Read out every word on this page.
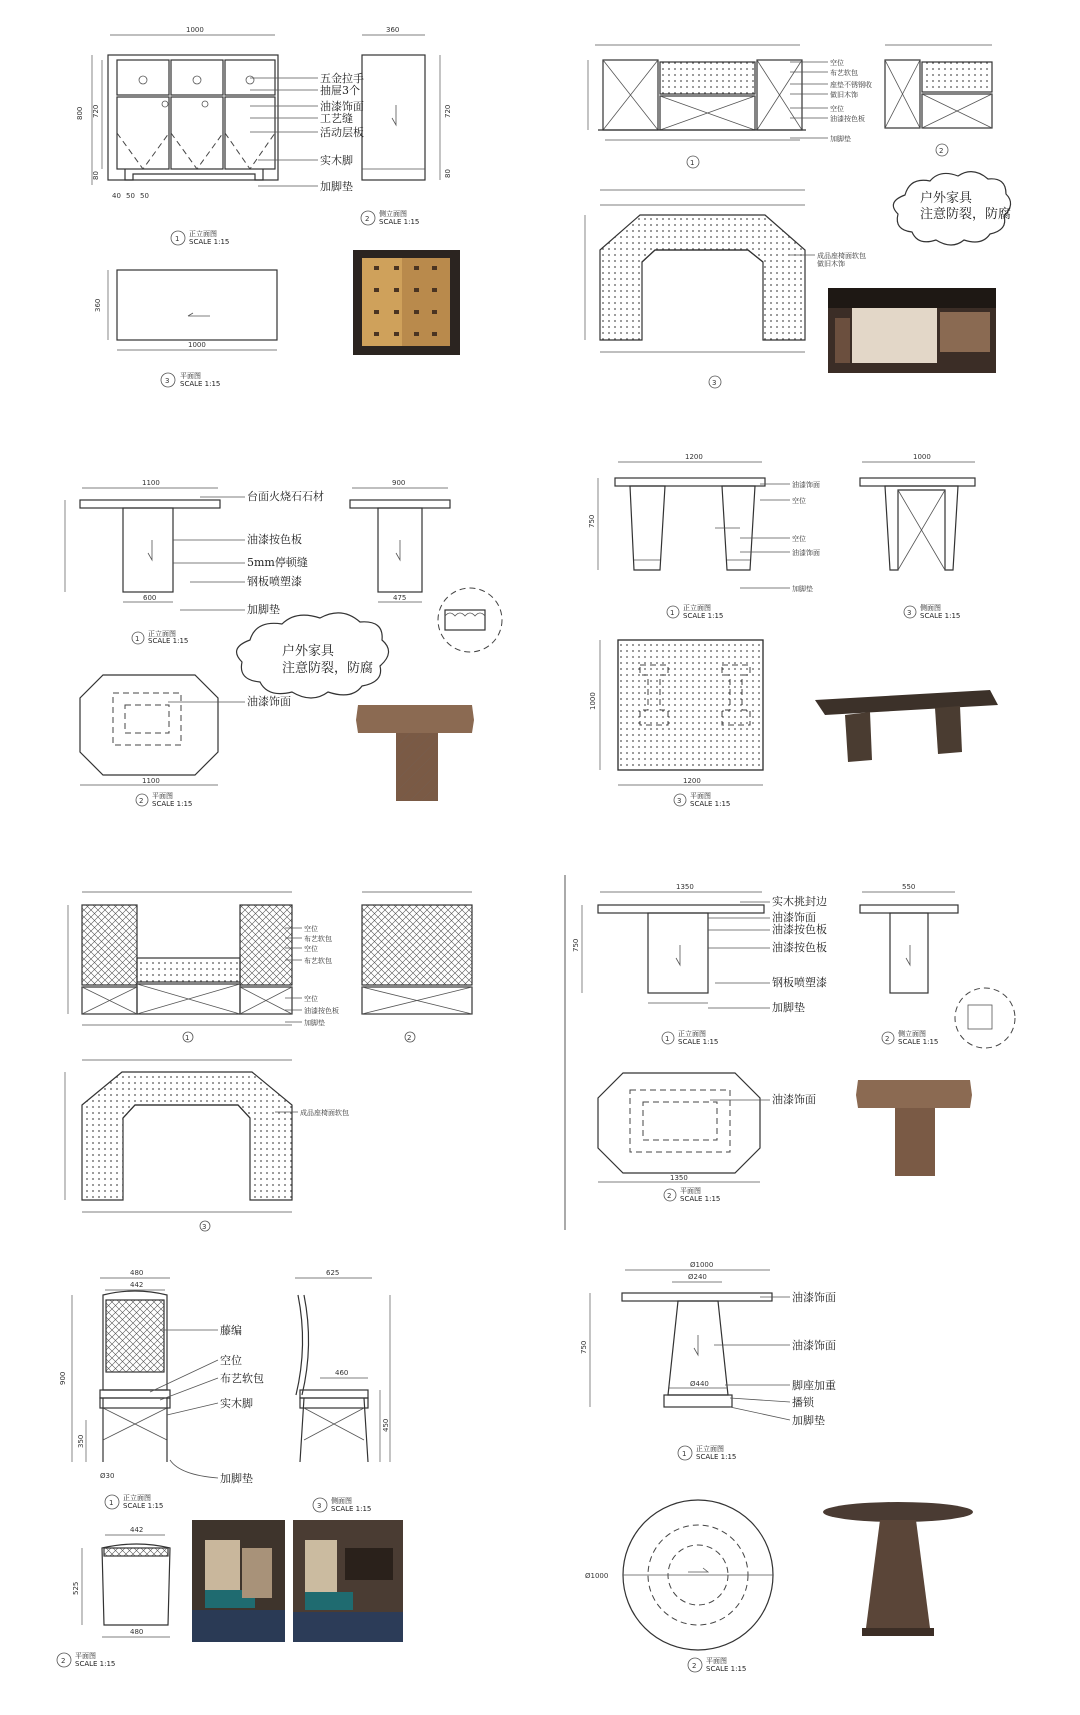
1000
800 720
80
40 50 50
五金拉手
抽屉3个
油漆饰面
工艺缝
活动层板
实木脚
加脚垫
360
720
80
1
正立面图
SCALE 1:15
2
侧立面图
SCALE 1:15
360
1000
3
平面图
SCALE 1:15
空位
布艺软包
座垫不锈钢收
做旧木饰
空位
油漆按色板
加脚垫
1
2
成品座椅面软包
做旧木饰
3
户外家具
注意防裂，防腐
1100
600
台面火烧石石材
油漆按色板
5mm停顿缝
钢板喷塑漆
加脚垫
900
475
1
正立面图
SCALE 1:15
油漆饰面
1100
2
平面图
SCALE 1:15
户外家具
注意防裂，防腐
1200
750
油漆饰面
空位
空位
油漆饰面
加脚垫
1000
1
正立面图
SCALE 1:15	3
侧面图
SCALE 1:15
1000
1200
3
平面图
SCALE 1:15
空位
布艺软包
空位
布艺软包
空位
油漆按色板
加脚垫
1	2
成品座椅面软包
3
1350
750
实木挑封边
油漆饰面
油漆按色板
油漆按色板
钢板喷塑漆
加脚垫
550
1
正立面图
SCALE 1:15	2
侧立面图
SCALE 1:15
油漆饰面
1350
2
平面图
SCALE 1:15
480
442
900
350
Ø30
藤编
空位
布艺软包
实木脚
加脚垫
625
460
450
1
正立面图
SCALE 1:15	3
侧面图
SCALE 1:15
442
525
480
2
平面图
SCALE 1:15
Ø1000
Ø240
Ø440
750
油漆饰面
油漆饰面
脚座加重
播锁
加脚垫
1
正立面图
SCALE 1:15
Ø1000
2
平面图
SCALE 1:15
